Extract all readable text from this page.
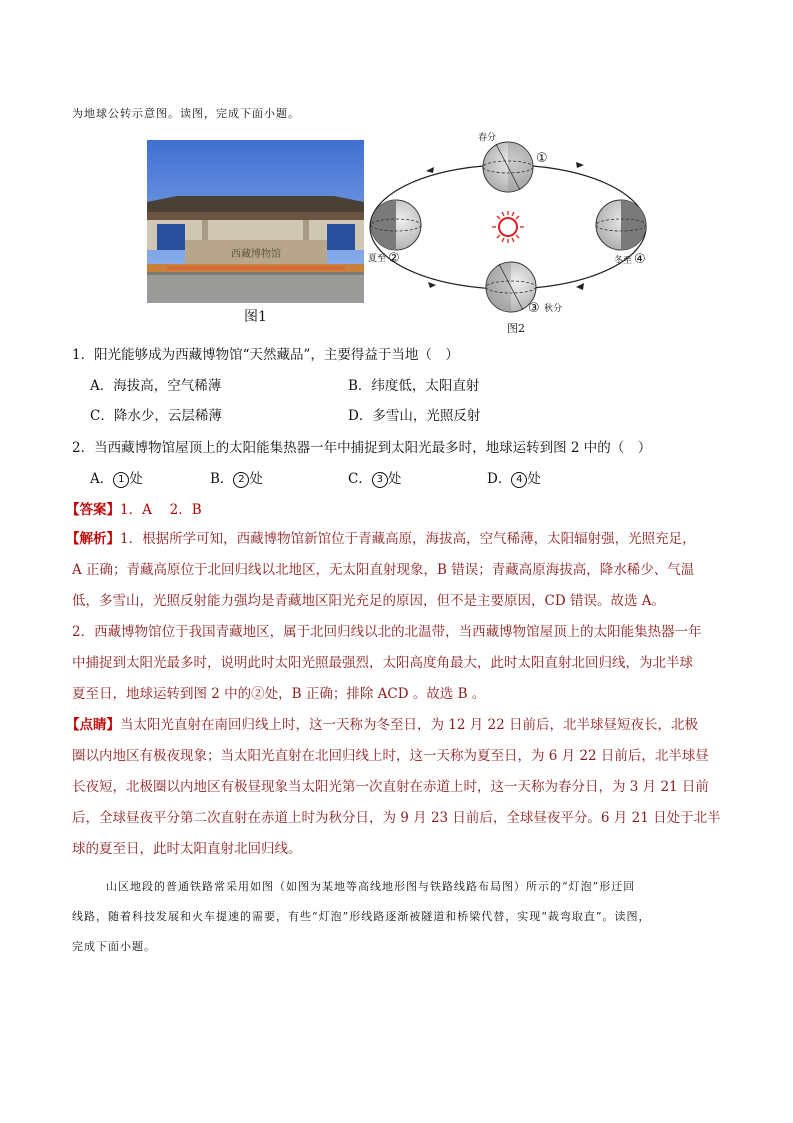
为地球公转示意图。读图，完成下面小题。
西藏博物馆
图1
春分
①
夏至 ②	冬至 ④
③ 秋分
图2
1．阳光能够成为西藏博物馆“天然藏品”，主要得益于当地（　）
A．海拔高，空气稀薄	B．纬度低，太阳直射
C．降水少，云层稀薄	D．多雪山，光照反射
2．当西藏博物馆屋顶上的太阳能集热器一年中捕捉到太阳光最多时，地球运转到图 2 中的（　）
A． 1 处	B． 2 处	C． 3 处	D． 4 处
【答案】1．A　 2．B
【解析】1．根据所学可知，西藏博物馆新馆位于青藏高原，海拔高，空气稀薄，太阳辐射强，光照充足，
A 正确；青藏高原位于北回归线以北地区，无太阳直射现象，B 错误；青藏高原海拔高，降水稀少、气温
低，多雪山，光照反射能力强均是青藏地区阳光充足的原因，但不是主要原因，CD 错误。故选 A。
2．西藏博物馆位于我国青藏地区，属于北回归线以北的北温带，当西藏博物馆屋顶上的太阳能集热器一年
中捕捉到太阳光最多时，说明此时太阳光照最强烈，太阳高度角最大，此时太阳直射北回归线，为北半球
夏至日，地球运转到图 2 中的②处，B 正确；排除 ACD 。故选 B 。
【点睛】当太阳光直射在南回归线上时，这一天称为冬至日，为 12 月 22 日前后，北半球昼短夜长，北极
圈以内地区有极夜现象；当太阳光直射在北回归线上时，这一天称为夏至日，为 6 月 22 日前后，北半球昼
长夜短，北极圈以内地区有极昼现象当太阳光第一次直射在赤道上时，这一天称为春分日，为 3 月 21 日前
后，全球昼夜平分第二次直射在赤道上时为秋分日，为 9 月 23 日前后，全球昼夜平分。6 月 21 日处于北半
球的夏至日，此时太阳直射北回归线。
山区地段的普通铁路常采用如图（如图为某地等高线地形图与铁路线路布局图）所示的“灯泡”形迂回
线路，随着科技发展和火车提速的需要，有些“灯泡”形线路逐渐被隧道和桥梁代替，实现“裁弯取直”。读图，
完成下面小题。
